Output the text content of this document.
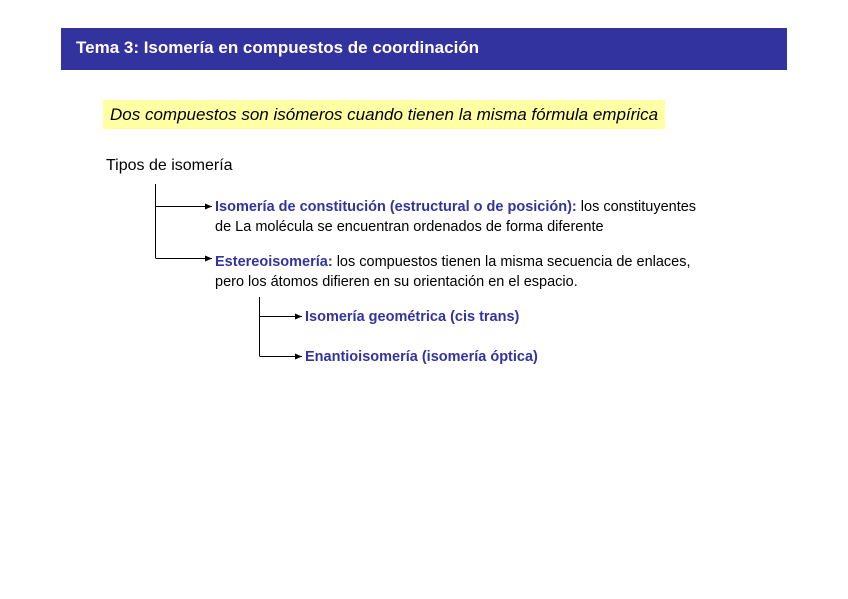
Tema 3: Isomería en compuestos de coordinación
Dos compuestos son isómeros cuando tienen la misma fórmula empírica
Tipos de isomería
Isomería de constitución (estructural o de posición): los constituyentes
de La molécula se encuentran ordenados de forma diferente
Estereoisomería: los compuestos tienen la misma secuencia de enlaces,
pero los átomos difieren en su orientación en el espacio.
Isomería geométrica (cis trans)
Enantioisomería (isomería óptica)
